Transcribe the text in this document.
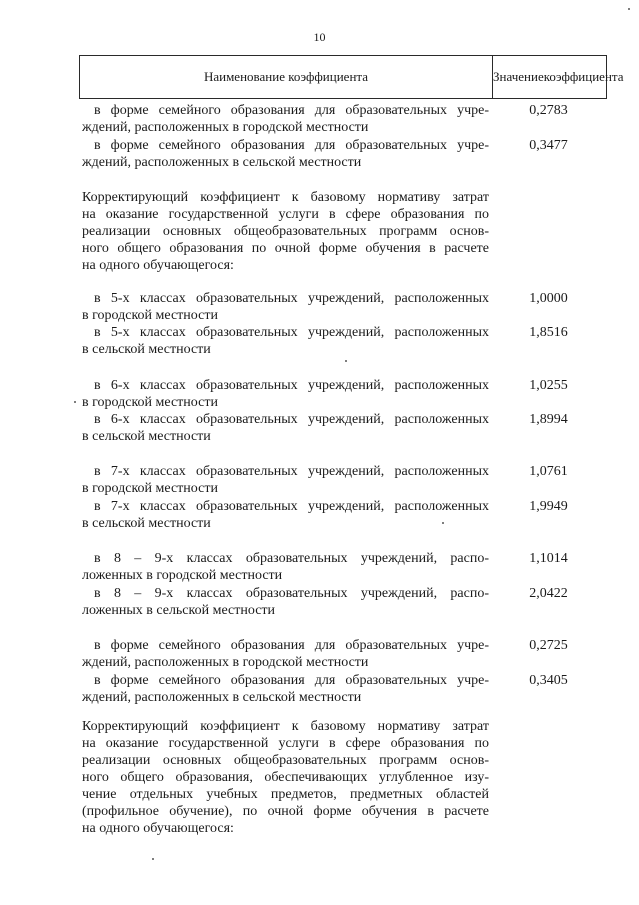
10
Наименование коэффициента	Значение коэффициента
в форме семейного образования для образовательных учре-
ждений, расположенных в городской местности
в форме семейного образования для образовательных учре-
ждений, расположенных в сельской местности
0,2783
0,3477
Корректирующий коэффициент к базовому нормативу затрат
на оказание государственной услуги в сфере образования по
реализации основных общеобразовательных программ основ-
ного общего образования по очной форме обучения в расчете
на одного обучающегося:
в 5-х классах образовательных учреждений, расположенных
в городской местности
в 5-х классах образовательных учреждений, расположенных
в сельской местности
1,0000
1,8516
в 6-х классах образовательных учреждений, расположенных
в городской местности
в 6-х классах образовательных учреждений, расположенных
в сельской местности
1,0255
1,8994
в 7-х классах образовательных учреждений, расположенных
в городской местности
в 7-х классах образовательных учреждений, расположенных
в сельской местности
1,0761
1,9949
в 8 – 9-х классах образовательных учреждений, распо-
ложенных в городской местности
в 8 – 9-х классах образовательных учреждений, распо-
ложенных в сельской местности
1,1014
2,0422
в форме семейного образования для образовательных учре-
ждений, расположенных в городской местности
в форме семейного образования для образовательных учре-
ждений, расположенных в сельской местности
0,2725
0,3405
Корректирующий коэффициент к базовому нормативу затрат
на оказание государственной услуги в сфере образования по
реализации основных общеобразовательных программ основ-
ного общего образования, обеспечивающих углубленное изу-
чение отдельных учебных предметов, предметных областей
(профильное обучение), по очной форме обучения в расчете
на одного обучающегося:
